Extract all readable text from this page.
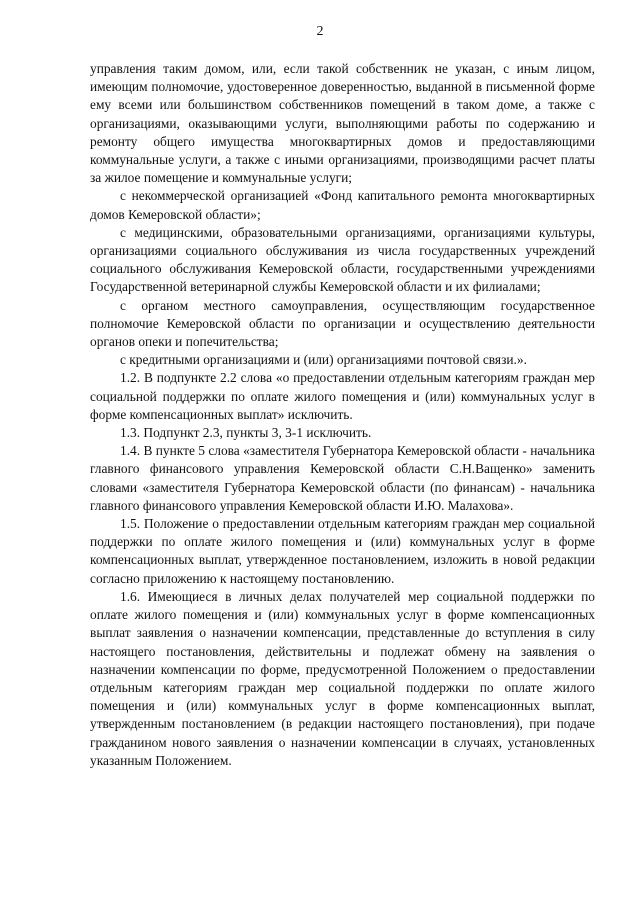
2

управления таким домом, или, если такой собственник не указан, с иным лицом, имеющим полномочие, удостоверенное доверенностью, выданной в письменной форме ему всеми или большинством собственников помещений в таком доме, а также с организациями, оказывающими услуги, выполняющими работы по содержанию и ремонту общего имущества многоквартирных домов и предоставляющими коммунальные услуги, а также с иными организациями, производящими расчет платы за жилое помещение и коммунальные услуги;

с некоммерческой организацией «Фонд капитального ремонта многоквартирных домов Кемеровской области»;

с медицинскими, образовательными организациями, организациями культуры, организациями социального обслуживания из числа государственных учреждений социального обслуживания Кемеровской области, государственными учреждениями Государственной ветеринарной службы Кемеровской области и их филиалами;

с органом местного самоуправления, осуществляющим государственное полномочие Кемеровской области по организации и осуществлению деятельности органов опеки и попечительства;

с кредитными организациями и (или) организациями почтовой связи.».

1.2. В подпункте 2.2 слова «о предоставлении отдельным категориям граждан мер социальной поддержки по оплате жилого помещения и (или) коммунальных услуг в форме компенсационных выплат» исключить.

1.3. Подпункт 2.3, пункты 3, 3-1 исключить.

1.4. В пункте 5 слова «заместителя Губернатора Кемеровской области - начальника главного финансового управления Кемеровской области С.Н.Ващенко» заменить словами «заместителя Губернатора Кемеровской области (по финансам) - начальника главного финансового управления Кемеровской области И.Ю. Малахова».

1.5. Положение о предоставлении отдельным категориям граждан мер социальной поддержки по оплате жилого помещения и (или) коммунальных услуг в форме компенсационных выплат, утвержденное постановлением, изложить в новой редакции согласно приложению к настоящему постановлению.

1.6. Имеющиеся в личных делах получателей мер социальной поддержки по оплате жилого помещения и (или) коммунальных услуг в форме компенсационных выплат заявления о назначении компенсации, представленные до вступления в силу настоящего постановления, действительны и подлежат обмену на заявления о назначении компенсации по форме, предусмотренной Положением о предоставлении отдельным категориям граждан мер социальной поддержки по оплате жилого помещения и (или) коммунальных услуг в форме компенсационных выплат, утвержденным постановлением (в редакции настоящего постановления), при подаче гражданином нового заявления о назначении компенсации в случаях, установленных указанным Положением.
